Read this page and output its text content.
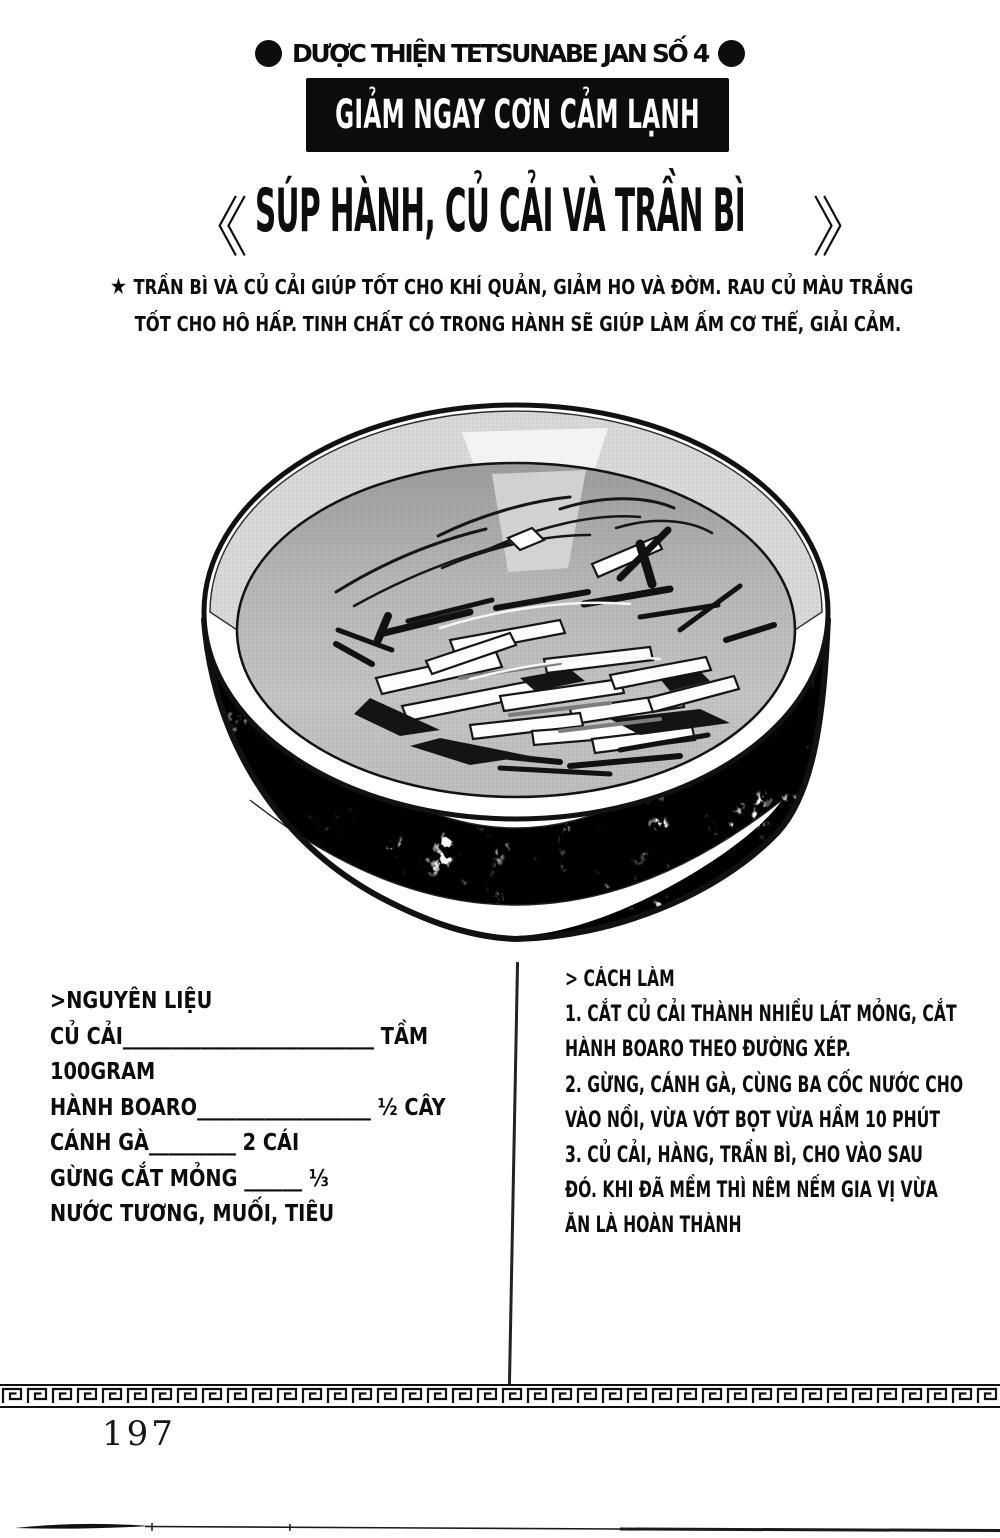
DƯỢC THIỆN TETSUNABE JAN SỐ 4
GIẢM NGAY CƠN CẢM LẠNH
《 SÚP HÀNH, CỦ CẢI VÀ TRẦN BÌ 》
★ TRẦN BÌ VÀ CỦ CẢI GIÚP TỐT CHO KHÍ QUẢN, GIẢM HO VÀ ĐỜM. RAU CỦ MÀU TRẮNG
TỐT CHO HÔ HẤP. TINH CHẤT CÓ TRONG HÀNH SẼ GIÚP LÀM ẤM CƠ THỂ, GIẢI CẢM.
>NGUYÊN LIỆU
CỦ CẢI__________________________ TẦM
100GRAM
HÀNH BOARO__________________ ½ CÂY
CÁNH GÀ_________ 2 CÁI
GỪNG CẮT MỎNG ______ ⅓
NƯỚC TƯƠNG, MUỐI, TIÊU
> CÁCH LÀM
1. CẮT CỦ CẢI THÀNH NHIỀU LÁT MỎNG, CẮT
HÀNH BOARO THEO ĐƯỜNG XÉP.
2. GỪNG, CÁNH GÀ, CÙNG BA CỐC NƯỚC CHO
VÀO NỒI, VỪA VỚT BỌT VỪA HẦM 10 PHÚT
3. CỦ CẢI, HÀNG, TRẦN BÌ, CHO VÀO SAU
ĐÓ. KHI ĐÃ MỀM THÌ NÊM NẾM GIA VỊ VỪA
ĂN LÀ HOÀN THÀNH
197
